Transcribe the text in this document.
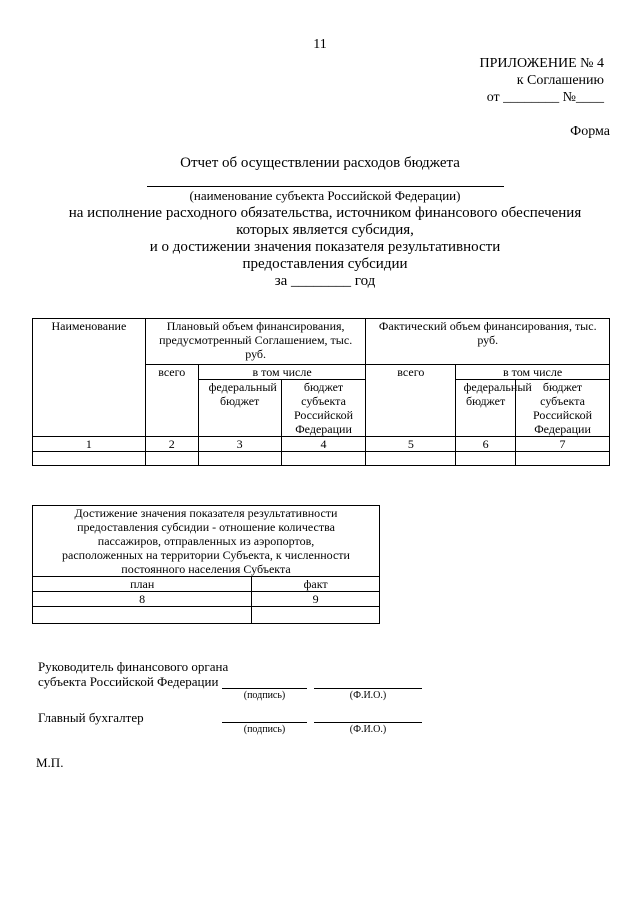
11
ПРИЛОЖЕНИЕ № 4
к Соглашению
от ________ №____
Форма
Отчет об осуществлении расходов бюджета
(наименование субъекта Российской Федерации)
на исполнение расходного обязательства, источником финансового обеспечения
которых является субсидия,
и о достижении значения показателя результативности
предоставления субсидии
за ________ год
Наименование	Плановый объем финансирования, предусмотренный Соглашением, тыс. руб.			Фактический объем финансирования, тыс. руб.		
	всего	в том числе		всего	в том числе	
		федеральный бюджет	бюджет субъекта Российской Федерации		федеральный бюджет	бюджет субъекта Российской Федерации
1	2	3	4	5	6	7

Достижение значения показателя результативности предоставления субсидии - отношение количества пассажиров, отправленных из аэропортов, расположенных на территории Субъекта, к численности постоянного населения Субъекта	
план	факт
8	9

Руководитель финансового органа
субъекта Российской Федерации
(подпись)	(Ф.И.О.)
Главный бухгалтер
(подпись)	(Ф.И.О.)
М.П.
